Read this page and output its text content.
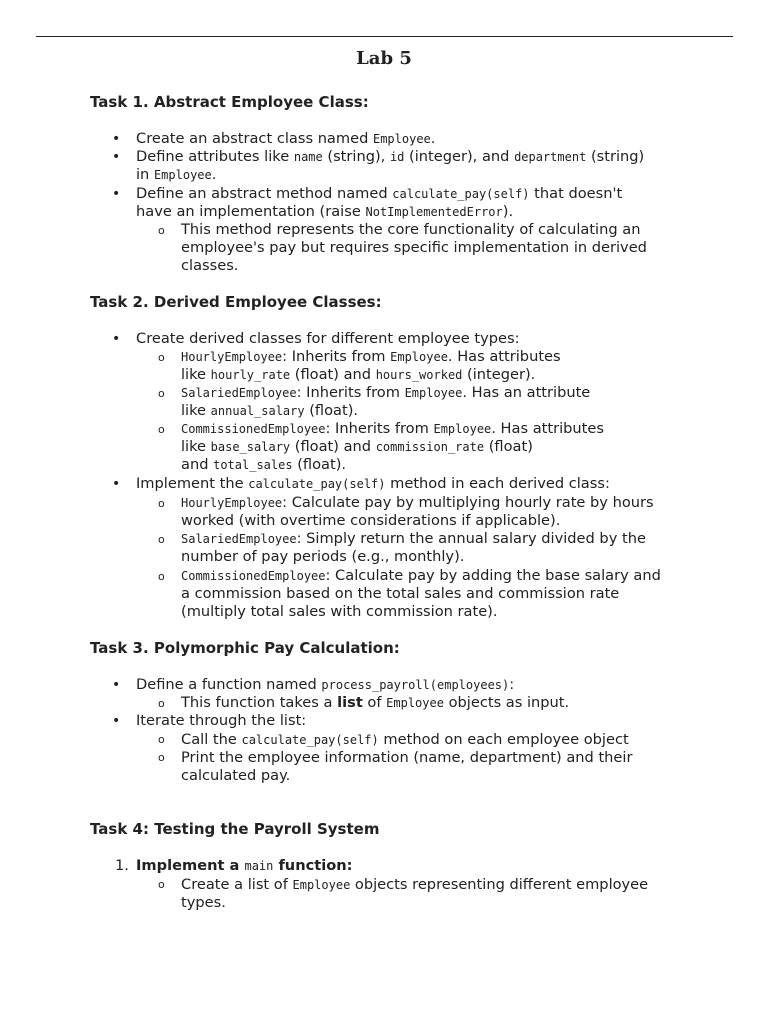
Lab 5
Task 1. Abstract Employee Class:
• Create an abstract class named Employee.
• Define attributes like name (string), id (integer), and department (string)
in Employee.
• Define an abstract method named calculate_pay(self) that doesn't
have an implementation (raise NotImplementedError).
o This method represents the core functionality of calculating an
employee's pay but requires specific implementation in derived
classes.
Task 2. Derived Employee Classes:
• Create derived classes for different employee types:
o HourlyEmployee: Inherits from Employee. Has attributes
like hourly_rate (float) and hours_worked (integer).
o SalariedEmployee: Inherits from Employee. Has an attribute
like annual_salary (float).
o CommissionedEmployee: Inherits from Employee. Has attributes
like base_salary (float) and commission_rate (float)
and total_sales (float).
• Implement the calculate_pay(self) method in each derived class:
o HourlyEmployee: Calculate pay by multiplying hourly rate by hours
worked (with overtime considerations if applicable).
o SalariedEmployee: Simply return the annual salary divided by the
number of pay periods (e.g., monthly).
o CommissionedEmployee: Calculate pay by adding the base salary and
a commission based on the total sales and commission rate
(multiply total sales with commission rate).
Task 3. Polymorphic Pay Calculation:
• Define a function named process_payroll(employees):
o This function takes a list of Employee objects as input.
• Iterate through the list:
o Call the calculate_pay(self) method on each employee object
o Print the employee information (name, department) and their
calculated pay.
Task 4: Testing the Payroll System
1. Implement a main function:
o Create a list of Employee objects representing different employee
types.
